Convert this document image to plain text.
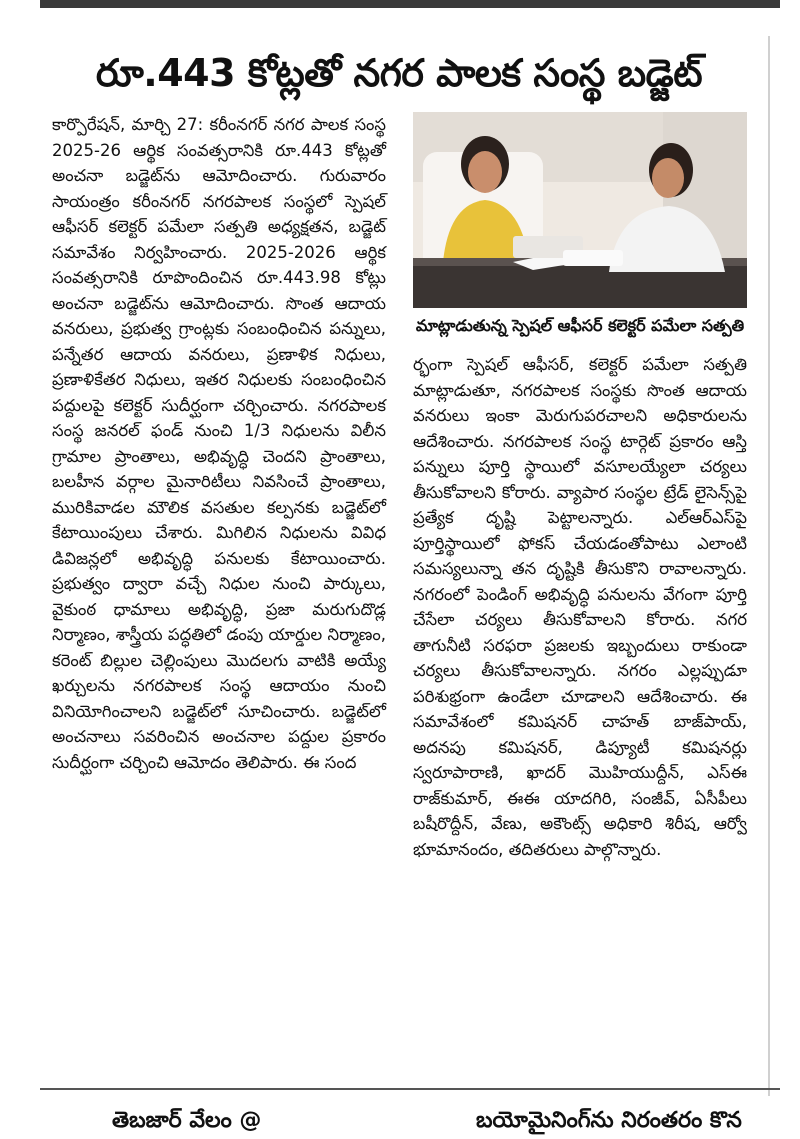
రూ.443 కోట్లతో నగర పాలక సంస్థ బడ్జెట్
కార్పొరేషన్, మార్చి 27: కరీంనగర్ నగర పాలక సంస్థ 2025-26 ఆర్థిక సంవత్సరానికి రూ.443 కోట్లతో అంచనా బడ్జెట్‌ను ఆమోదించారు. గురువారం సాయంత్రం కరీంనగర్ నగరపాలక సంస్థలో స్పెషల్ ఆఫీసర్ కలెక్టర్ పమేలా సత్పతి అధ్యక్షతన, బడ్జెట్ సమావేశం నిర్వహించారు. 2025-2026 ఆర్థిక సంవత్సరానికి రూపొందించిన రూ.443.98 కోట్లు అంచనా బడ్జెట్‌ను ఆమోదించారు. సొంత ఆదాయ వనరులు, ప్రభుత్వ గ్రాంట్లకు సంబంధించిన పన్నులు, పన్నేతర ఆదాయ వనరులు, ప్రణాళిక నిధులు, ప్రణాళికేతర నిధులు, ఇతర నిధులకు సంబంధించిన పద్దులపై కలెక్టర్ సుదీర్ఘంగా చర్చించారు. నగరపాలక సంస్థ జనరల్ ఫండ్ నుంచి 1/3 నిధులను విలీన గ్రామాల ప్రాంతాలు, అభివృద్ధి చెందని ప్రాంతాలు, బలహీన వర్గాల మైనారిటీలు నివసించే ప్రాంతాలు, మురికివాడల మౌలిక వసతుల కల్పనకు బడ్జెట్‌లో కేటాయింపులు చేశారు. మిగిలిన నిధులను వివిధ డివిజన్లలో అభివృద్ధి పనులకు కేటాయించారు. ప్రభుత్వం ద్వారా వచ్చే నిధుల నుంచి పార్కులు, వైకుంఠ ధామాలు అభివృద్ధి, ప్రజా మరుగుదొడ్ల నిర్మాణం, శాస్త్రీయ పద్ధతిలో డంపు యార్డుల నిర్మాణం, కరెంట్ బిల్లుల చెల్లింపులు మొదలగు వాటికి అయ్యే ఖర్చులను నగరపాలక సంస్థ ఆదాయం నుంచి వినియోగించాలని బడ్జెట్‌లో సూచించారు. బడ్జెట్‌లో అంచనాలు సవరించిన అంచనాల పద్దుల ప్రకారం సుదీర్ఘంగా చర్చించి ఆమోదం తెలిపారు. ఈ సంద
మాట్లాడుతున్న స్పెషల్ ఆఫీసర్ కలెక్టర్ పమేలా సత్పతి
ర్భంగా స్పెషల్ ఆఫీసర్, కలెక్టర్ పమేలా సత్పతి మాట్లాడుతూ, నగరపాలక సంస్థకు సొంత ఆదాయ వనరులు ఇంకా మెరుగుపరచాలని అధికారులను ఆదేశించారు. నగరపాలక సంస్థ టార్గెట్ ప్రకారం ఆస్తి పన్నులు పూర్తి స్థాయిలో వసూలయ్యేలా చర్యలు తీసుకోవాలని కోరారు. వ్యాపార సంస్థల ట్రేడ్ లైసెన్స్‌పై ప్రత్యేక దృష్టి పెట్టాలన్నారు. ఎల్ఆర్ఎస్‌పై పూర్తిస్థాయిలో ఫోకస్ చేయడంతోపాటు ఎలాంటి సమస్యలున్నా తన దృష్టికి తీసుకొని రావాలన్నారు. నగరంలో పెండింగ్ అభివృద్ధి పనులను వేగంగా పూర్తి చేసేలా చర్యలు తీసుకోవాలని కోరారు. నగర తాగునీటి సరఫరా ప్రజలకు ఇబ్బందులు రాకుండా చర్యలు తీసుకోవాలన్నారు. నగరం ఎల్లప్పుడూ పరిశుభ్రంగా ఉండేలా చూడాలని ఆదేశించారు. ఈ సమావేశంలో కమిషనర్ చాహత్ బాజ్‌పాయ్, అదనపు కమిషనర్, డిప్యూటీ కమిషనర్లు స్వరూపారాణి, ఖాదర్ మొహియుద్దీన్, ఎస్ఈ రాజ్‌కుమార్, ఈఈ యాదగిరి, సంజీవ్, ఏసీపీలు బషీరొద్దీన్, వేణు, అకౌంట్స్ అధికారి శిరీష, ఆర్వో భూమానందం, తదితరులు పాల్గొన్నారు.
తెబజార్ వేలం @	బయోమైనింగ్‌ను నిరంతరం కొన
